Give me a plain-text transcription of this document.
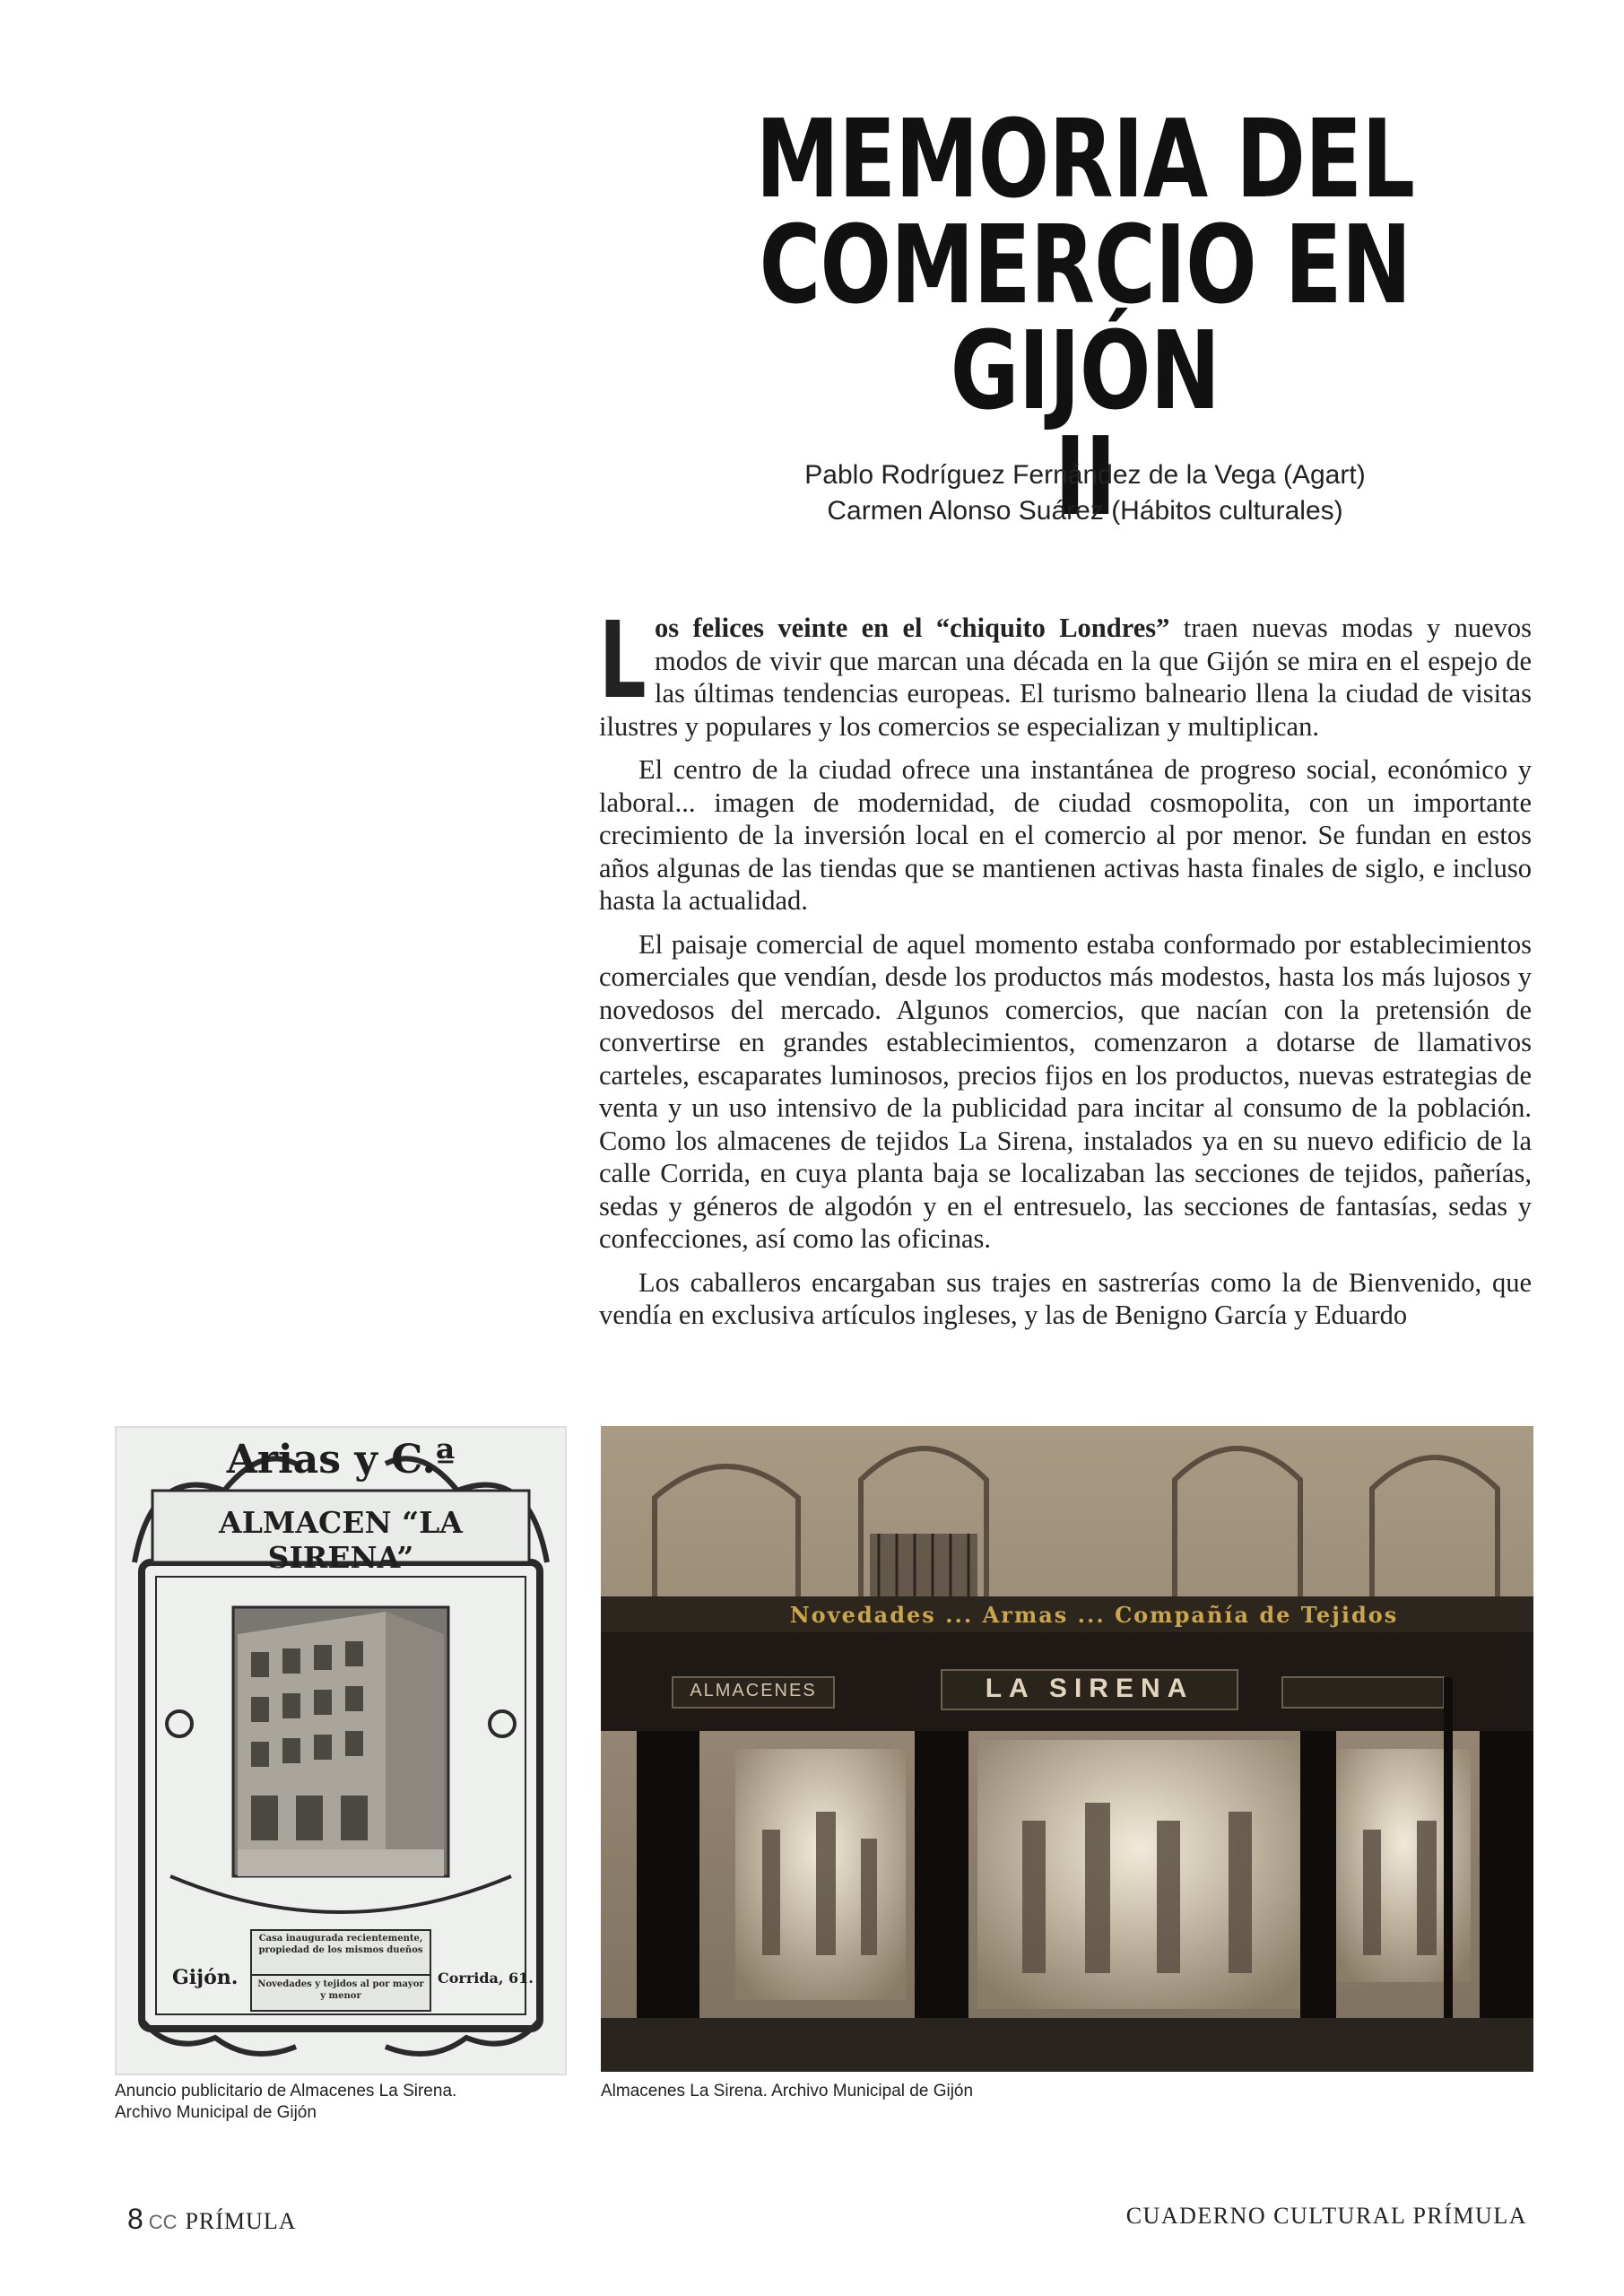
MEMORIA DEL
COMERCIO EN GIJÓN
II
Pablo Rodríguez Fernández de la Vega (Agart)
Carmen Alonso Suárez (Hábitos culturales)

Los felices veinte en el “chiquito Londres” traen nuevas modas y nuevos modos de vivir que marcan una década en la que Gijón se mira en el espejo de las últimas tendencias europeas. El turismo balneario llena la ciudad de visitas ilustres y populares y los comercios se especializan y multiplican.

El centro de la ciudad ofrece una instantánea de progreso social, económico y laboral... imagen de modernidad, de ciudad cosmopolita, con un importante crecimiento de la inversión local en el comercio al por menor. Se fundan en estos años algunas de las tiendas que se mantienen activas hasta finales de siglo, e incluso hasta la actualidad.

El paisaje comercial de aquel momento estaba conformado por establecimientos comerciales que vendían, desde los productos más modestos, hasta los más lujosos y novedosos del mercado. Algunos comercios, que nacían con la pretensión de convertirse en grandes establecimientos, comenzaron a dotarse de llamativos carteles, escaparates luminosos, precios fijos en los productos, nuevas estrategias de venta y un uso intensivo de la publicidad para incitar al consumo de la población. Como los almacenes de tejidos La Sirena, instalados ya en su nuevo edificio de la calle Corrida, en cuya planta baja se localizaban las secciones de tejidos, pañerías, sedas y géneros de algodón y en el entresuelo, las secciones de fantasías, sedas y confecciones, así como las oficinas.

Los caballeros encargaban sus trajes en sastrerías como la de Bienvenido, que vendía en exclusiva artículos ingleses, y las de Benigno García y Eduardo

Arias y C.ª
ALMACEN “LA SIRENA”
Casa inaugurada recientemente, propiedad de los mismos dueños
Novedades y tejidos al por mayor y menor
Gijón.	Corrida, 61.
Novedades ... Armas ... Compañía de Tejidos
ALMACENES	LA SIRENA
Anuncio publicitario de Almacenes La Sirena.
Archivo Municipal de Gijón
Almacenes La Sirena. Archivo Municipal de Gijón
8 CC PRÍMULA	CUADERNO CULTURAL PRÍMULA
